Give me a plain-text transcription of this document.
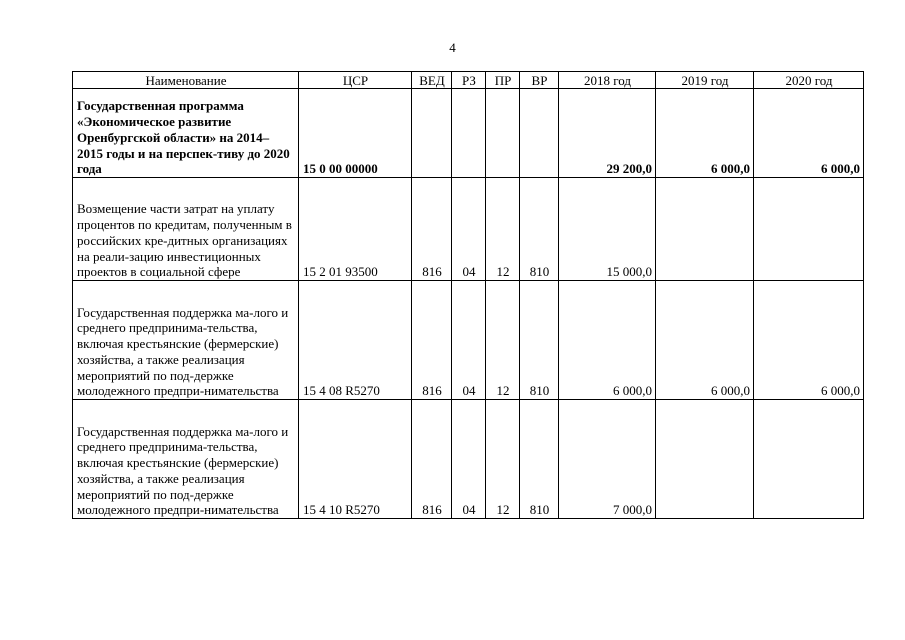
4
Наименование	ЦСР	ВЕД	РЗ	ПР	ВР	2018 год	2019 год	2020 год

Государственная программа «Экономическое развитие Оренбургской области» на 2014–2015 годы и на перспек-тиву до 2020 года	15 0 00 00000					29 200,0	6 000,0	6 000,0

Возмещение части затрат на уплату процентов по кредитам, полученным в российских кре-дитных организациях на реали-зацию инвестиционных проектов в социальной сфере	15 2 01 93500	816	04	12	810	15 000,0		

Государственная поддержка ма-лого и среднего предпринима-тельства, включая крестьянские (фермерские) хозяйства, а также реализация мероприятий по под-держке молодежного предпри-нимательства	15 4 08 R5270	816	04	12	810	6 000,0	6 000,0	6 000,0

Государственная поддержка ма-лого и среднего предпринима-тельства, включая крестьянские (фермерские) хозяйства, а также реализация мероприятий по под-держке молодежного предпри-нимательства	15 4 10 R5270	816	04	12	810	7 000,0		
